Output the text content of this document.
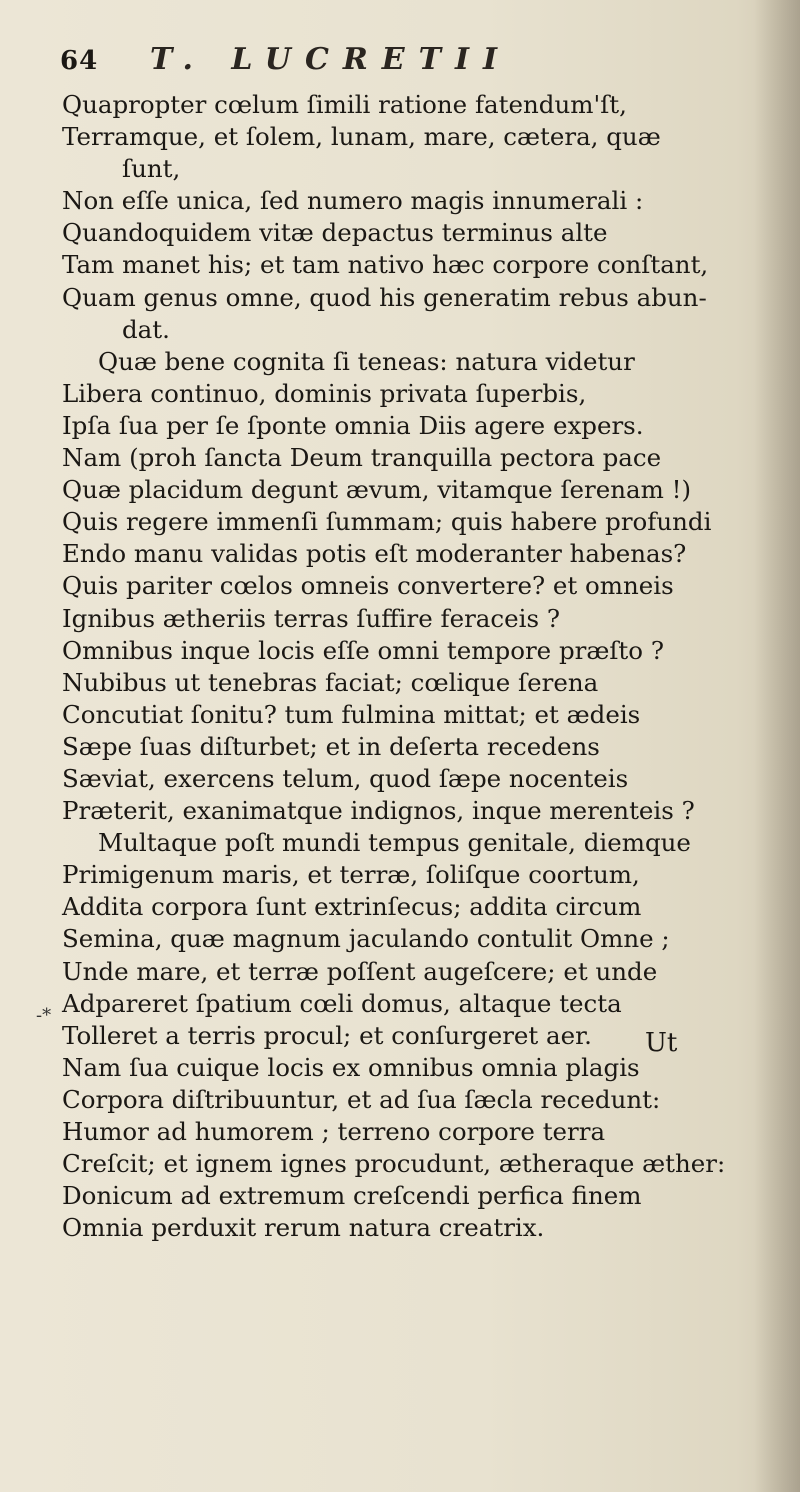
64	T. LUCRETII
-*
Quapropter cœlum ſimili ratione fatendum'ſt,
Terramque, et ſolem, lunam, mare, cætera, quæ
ſunt,
Non eſſe unica, ſed numero magis innumerali :
Quandoquidem vitæ depactus terminus alte
Tam manet his; et tam nativo hæc corpore conſtant,
Quam genus omne, quod his generatim rebus abun-
dat.
Quæ bene cognita ſi teneas: natura videtur
Libera continuo, dominis privata ſuperbis,
Ipſa ſua per ſe ſponte omnia Diis agere expers.
Nam (proh ſancta Deum tranquilla pectora pace
Quæ placidum degunt ævum, vitamque ſerenam !)
Quis regere immenſi ſummam; quis habere profundi
Endo manu validas potis eſt moderanter habenas?
Quis pariter cœlos omneis convertere? et omneis
Ignibus ætheriis terras ſuffire feraceis ?
Omnibus inque locis eſſe omni tempore præſto ?
Nubibus ut tenebras faciat; cœlique ſerena
Concutiat ſonitu? tum fulmina mittat; et ædeis
Sæpe ſuas diſturbet; et in deſerta recedens
Sæviat, exercens telum, quod ſæpe nocenteis
Præterit, exanimatque indignos, inque merenteis ?
Multaque poſt mundi tempus genitale, diemque
Primigenum maris, et terræ, ſoliſque coortum,
Addita corpora ſunt extrinſecus; addita circum
Semina, quæ magnum jaculando contulit Omne ;
Unde mare, et terræ poſſent augeſcere; et unde
Adpareret ſpatium cœli domus, altaque tecta
Tolleret a terris procul; et conſurgeret aer.
Nam ſua cuique locis ex omnibus omnia plagis
Corpora diſtribuuntur, et ad ſua ſæcla recedunt:
Humor ad humorem ; terreno corpore terra
Creſcit; et ignem ignes procudunt, ætheraque æther:
Donicum ad extremum creſcendi perfica finem
Omnia perduxit rerum natura creatrix.
Ut
